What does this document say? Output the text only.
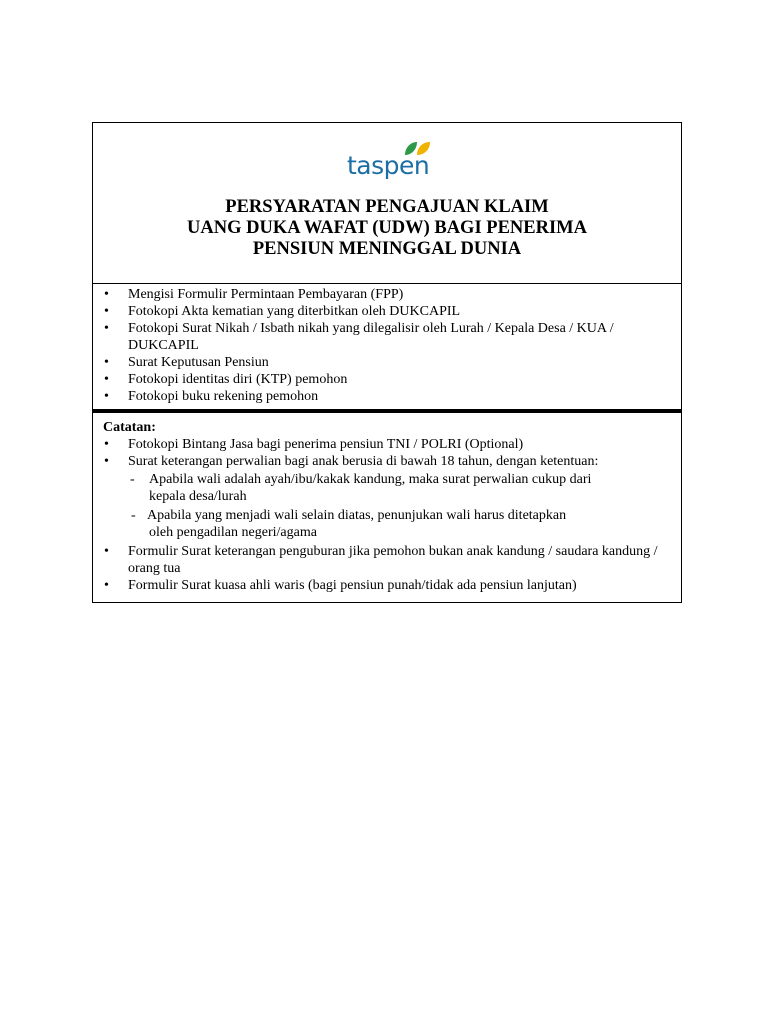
taspen
PERSYARATAN PENGAJUAN KLAIM
UANG DUKA WAFAT (UDW) BAGI PENERIMA
PENSIUN MENINGGAL DUNIA
• Mengisi Formulir Permintaan Pembayaran (FPP)
• Fotokopi Akta kematian yang diterbitkan oleh DUKCAPIL
• Fotokopi Surat Nikah / Isbath nikah yang dilegalisir oleh Lurah / Kepala Desa / KUA / DUKCAPIL
• Surat Keputusan Pensiun
• Fotokopi identitas diri (KTP) pemohon
• Fotokopi buku rekening pemohon
Catatan:
• Fotokopi Bintang Jasa bagi penerima pensiun TNI / POLRI (Optional)
• Surat keterangan perwalian bagi anak berusia di bawah 18 tahun, dengan ketentuan:
- Apabila wali adalah ayah/ibu/kakak kandung, maka surat perwalian cukup dari
kepala desa/lurah
- Apabila yang menjadi wali selain diatas, penunjukan wali harus ditetapkan
oleh pengadilan negeri/agama
• Formulir Surat keterangan penguburan jika pemohon bukan anak kandung / saudara kandung / orang tua
• Formulir Surat kuasa ahli waris (bagi pensiun punah/tidak ada pensiun lanjutan)
